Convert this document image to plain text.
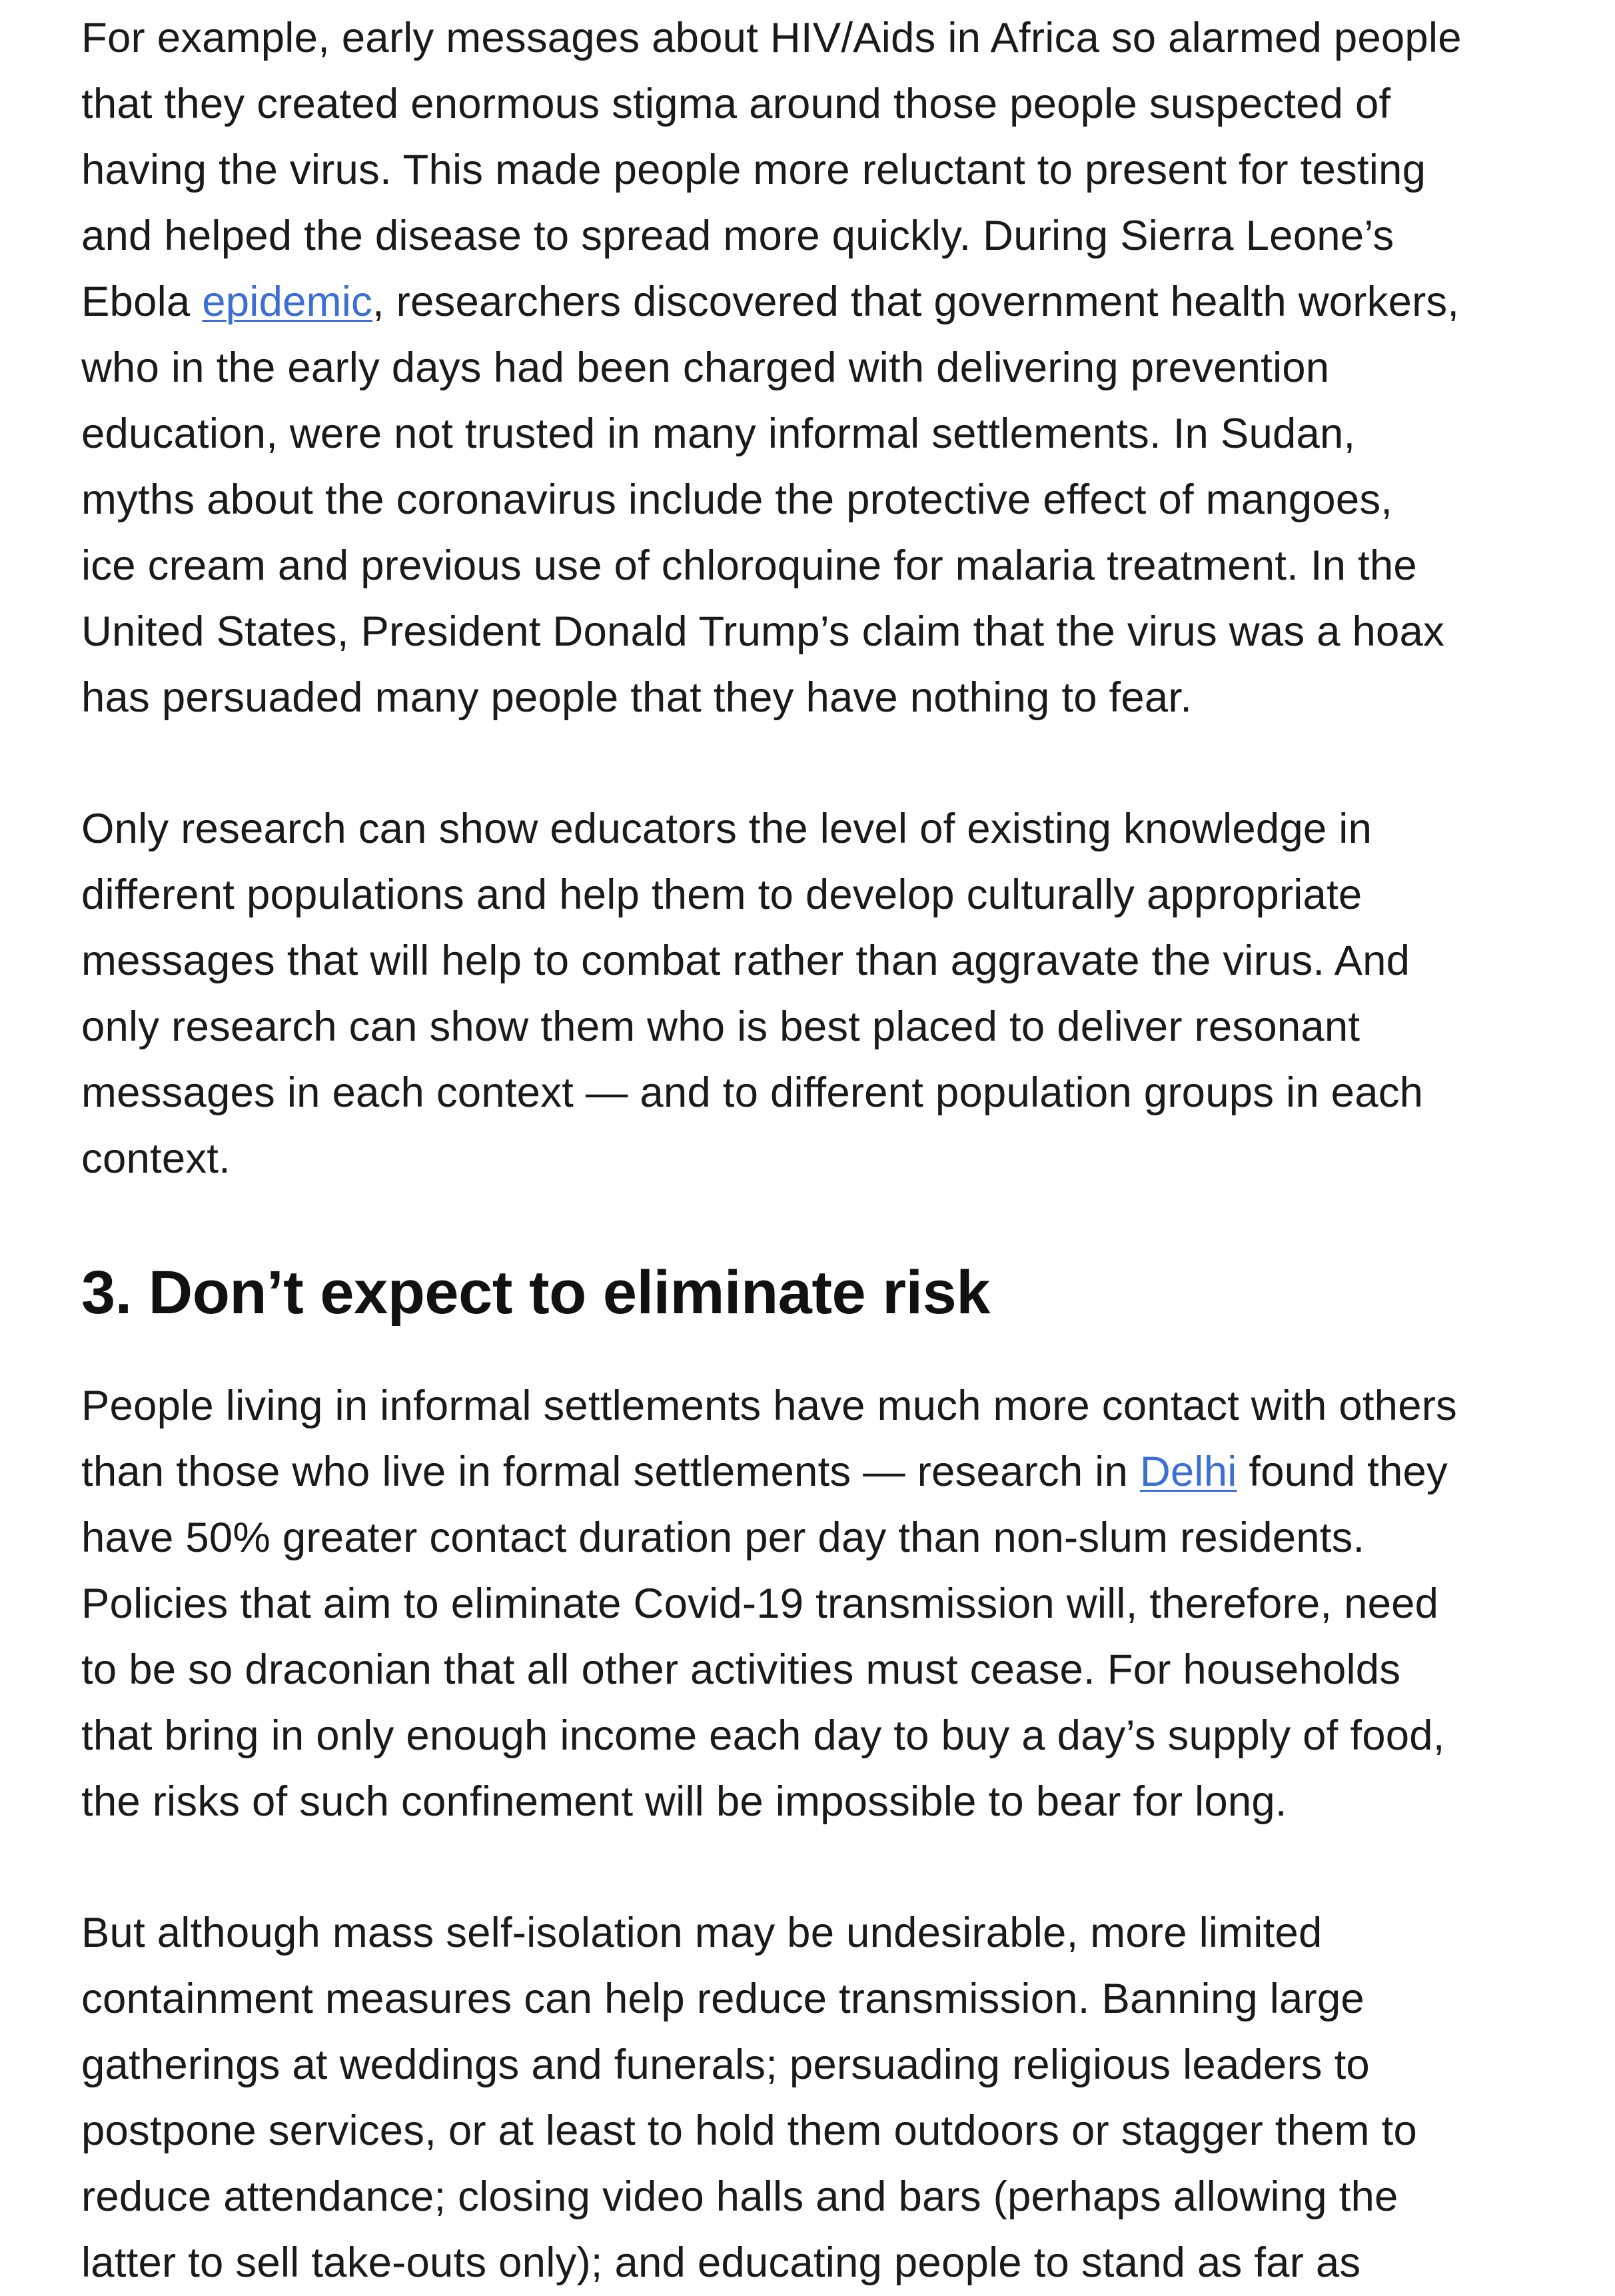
For example, early messages about HIV/Aids in Africa so alarmed people
that they created enormous stigma around those people suspected of
having the virus. This made people more reluctant to present for testing
and helped the disease to spread more quickly. During Sierra Leone’s
Ebola epidemic, researchers discovered that government health workers,
who in the early days had been charged with delivering prevention
education, were not trusted in many informal settlements. In Sudan,
myths about the coronavirus include the protective effect of mangoes,
ice cream and previous use of chloroquine for malaria treatment. In the
United States, President Donald Trump’s claim that the virus was a hoax
has persuaded many people that they have nothing to fear.

Only research can show educators the level of existing knowledge in
different populations and help them to develop culturally appropriate
messages that will help to combat rather than aggravate the virus. And
only research can show them who is best placed to deliver resonant
messages in each context — and to different population groups in each
context.

3. Don’t expect to eliminate risk

People living in informal settlements have much more contact with others
than those who live in formal settlements — research in Delhi found they
have 50% greater contact duration per day than non-slum residents.
Policies that aim to eliminate Covid-19 transmission will, therefore, need
to be so draconian that all other activities must cease. For households
that bring in only enough income each day to buy a day’s supply of food,
the risks of such confinement will be impossible to bear for long.

But although mass self-isolation may be undesirable, more limited
containment measures can help reduce transmission. Banning large
gatherings at weddings and funerals; persuading religious leaders to
postpone services, or at least to hold them outdoors or stagger them to
reduce attendance; closing video halls and bars (perhaps allowing the
latter to sell take-outs only); and educating people to stand as far as
